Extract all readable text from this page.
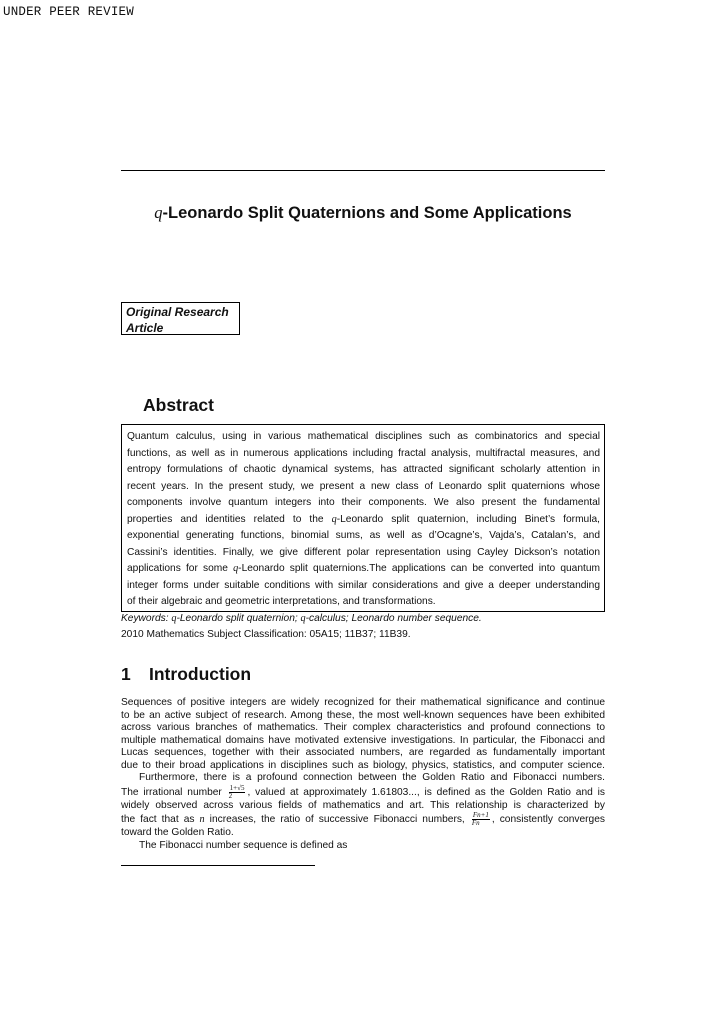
UNDER PEER REVIEW
q-Leonardo Split Quaternions and Some Applications
Original Research
Article
Abstract
Quantum calculus, using in various mathematical disciplines such as combinatorics and special
functions, as well as in numerous applications including fractal analysis, multifractal measures, and
entropy formulations of chaotic dynamical systems, has attracted significant scholarly attention in
recent years. In the present study, we present a new class of Leonardo split quaternions whose
components involve quantum integers into their components. We also present the fundamental
properties and identities related to the q-Leonardo split quaternion, including Binet’s formula,
exponential generating functions, binomial sums, as well as d’Ocagne’s, Vajda’s, Catalan’s, and
Cassini’s identities. Finally, we give different polar representation using Cayley Dickson’s notation
applications for some q-Leonardo split quaternions.The applications can be converted into quantum
integer forms under suitable conditions with similar considerations and give a deeper understanding
of their algebraic and geometric interpretations, and transformations.
Keywords: q-Leonardo split quaternion; q-calculus; Leonardo number sequence.
2010 Mathematics Subject Classification: 05A15; 11B37; 11B39.
1 Introduction
Sequences of positive integers are widely recognized for their mathematical significance and continue
to be an active subject of research. Among these, the most well-known sequences have been exhibited
across various branches of mathematics. Their complex characteristics and profound connections to
multiple mathematical domains have motivated extensive investigations. In particular, the Fibonacci and
Lucas sequences, together with their associated numbers, are regarded as fundamentally important
due to their broad applications in disciplines such as biology, physics, statistics, and computer science.
Furthermore, there is a profound connection between the Golden Ratio and Fibonacci numbers.
The irrational number $\frac{1+√5}{2}$ , valued at approximately 1.61803..., is defined as the Golden Ratio and is
widely observed across various fields of mathematics and art. This relationship is characterized by
the fact that as n increases, the ratio of successive Fibonacci numbers, $\frac{Fn+1}{Fn}$ , consistently converges
toward the Golden Ratio.
The Fibonacci number sequence is defined as
